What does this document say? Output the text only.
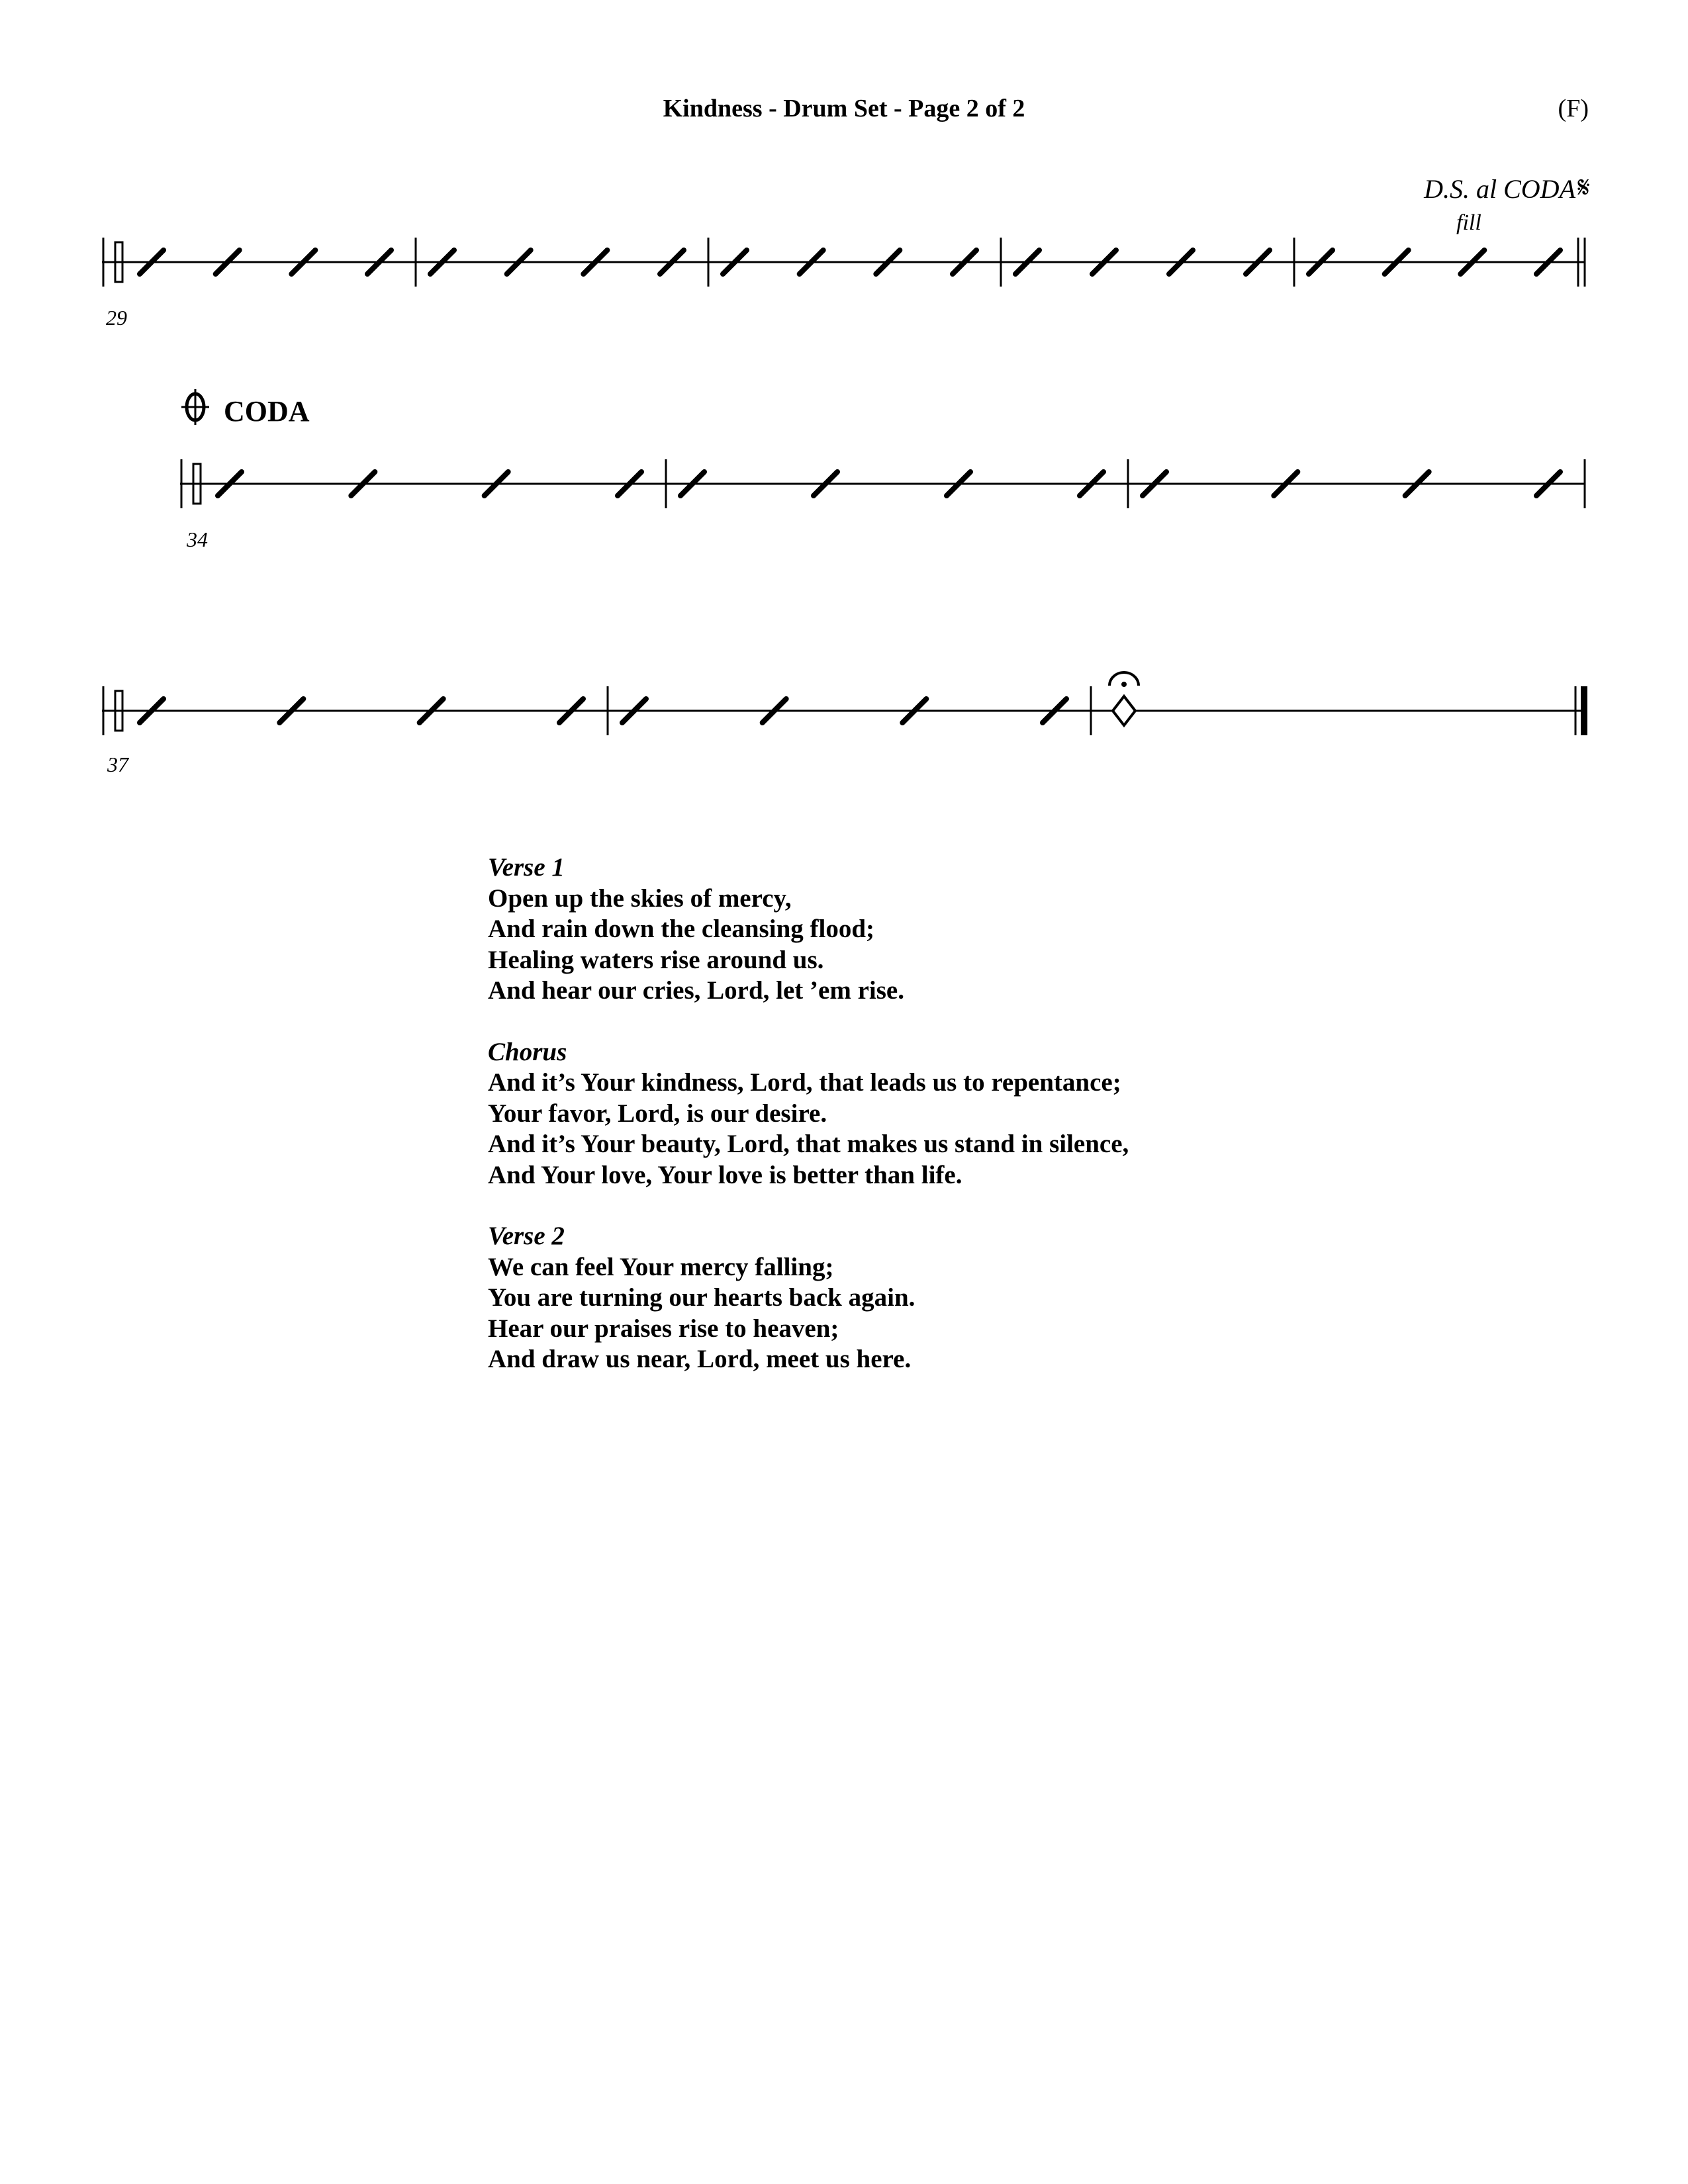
Kindness - Drum Set - Page 2 of 2	(F)
D.S. al CODA 𝄋
fill
29
CODA
34
37
Verse 1
Open up the skies of mercy,
And rain down the cleansing flood;
Healing waters rise around us.
And hear our cries, Lord, let ’em rise.
Chorus
And it’s Your kindness, Lord, that leads us to repentance;
Your favor, Lord, is our desire.
And it’s Your beauty, Lord, that makes us stand in silence,
And Your love, Your love is better than life.
Verse 2
We can feel Your mercy falling;
You are turning our hearts back again.
Hear our praises rise to heaven;
And draw us near, Lord, meet us here.
